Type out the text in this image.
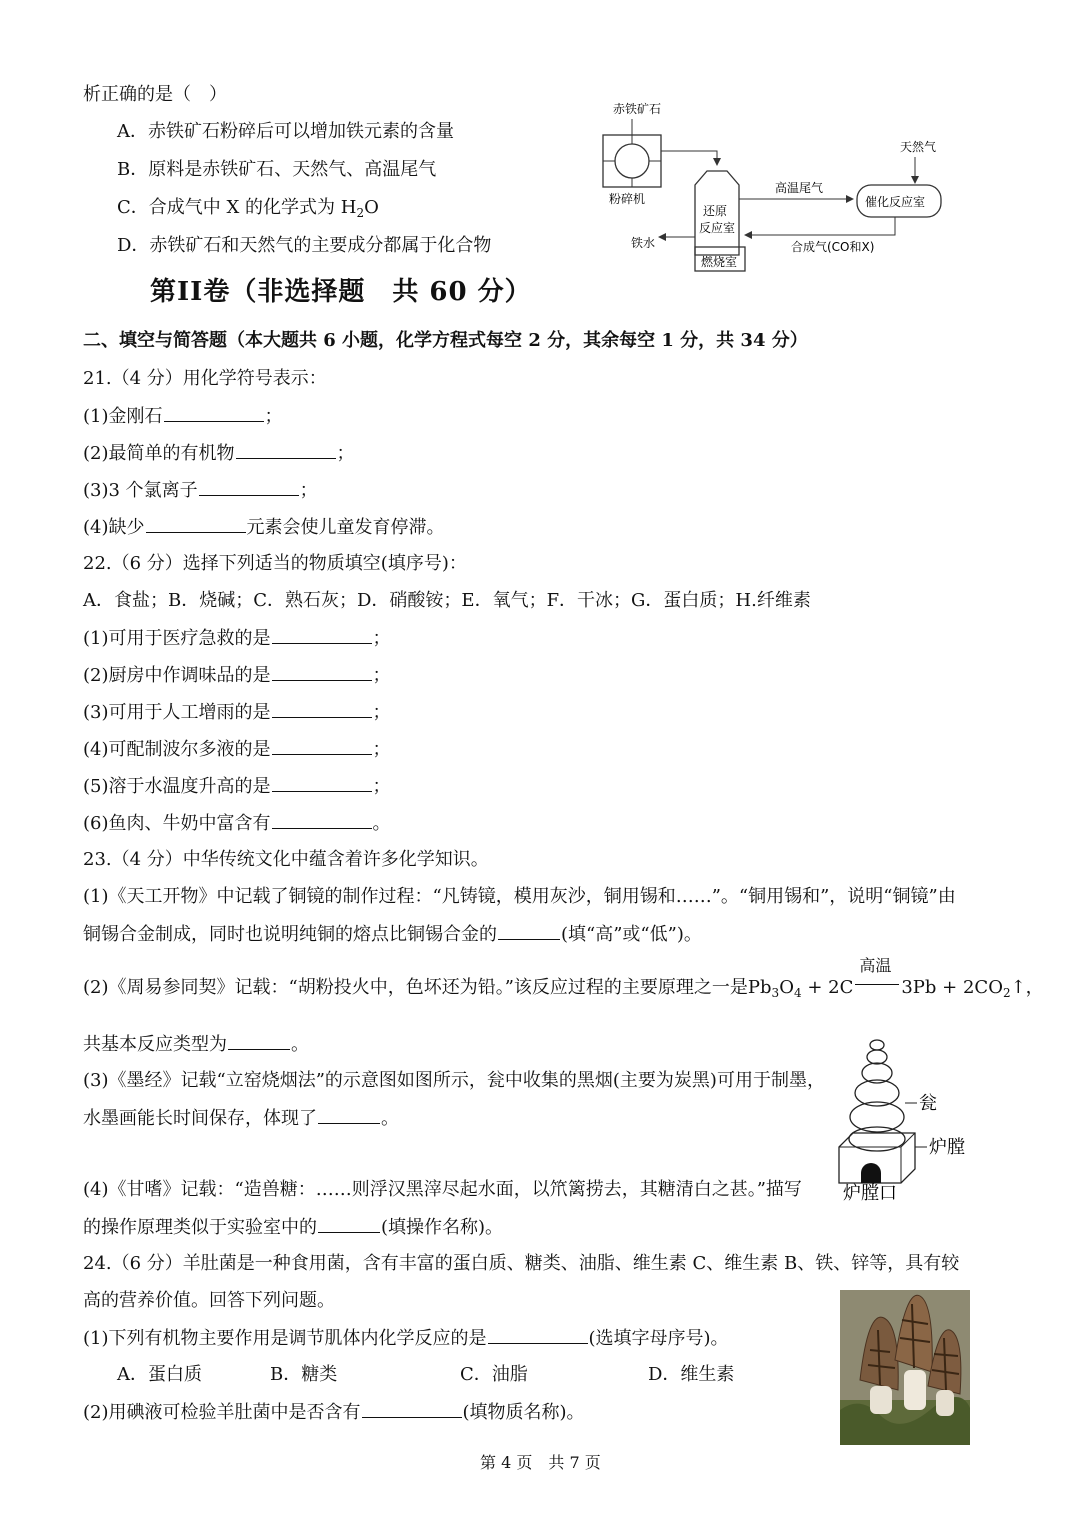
析正确的是（　）
A．赤铁矿石粉碎后可以增加铁元素的含量
B．原料是赤铁矿石、天然气、高温尾气
C．合成气中 X 的化学式为 $H_2O$
D．赤铁矿石和天然气的主要成分都属于化合物
赤铁矿石
粉碎机
还原
反应室
燃烧室
高温尾气
催化反应室
天然气
合成气(CO和X)
铁水
第II卷（非选择题　共 60 分）
二、填空与简答题（本大题共 6 小题，化学方程式每空 2 分，其余每空 1 分，共 34 分）
21.（4 分）用化学符号表示：
(1)金刚石	；
(2)最简单的有机物	；
(3)3 个氯离子	；
(4)缺少	元素会使儿童发育停滞。
22.（6 分）选择下列适当的物质填空(填序号)：
A．食盐；B．烧碱；C．熟石灰；D．硝酸铵；E．氧气；F．干冰；G．蛋白质；H.纤维素
(1)可用于医疗急救的是	；
(2)厨房中作调味品的是	；
(3)可用于人工增雨的是	；
(4)可配制波尔多液的是	；
(5)溶于水温度升高的是	；
(6)鱼肉、牛奶中富含有	。
23.（4 分）中华传统文化中蕴含着许多化学知识。
(1)《天工开物》中记载了铜镜的制作过程：“凡铸镜，模用灰沙，铜用锡和……”。“铜用锡和”，说明“铜镜”由
铜锡合金制成，同时也说明纯铜的熔点比铜锡合金的	(填“高”或“低”)。
(2)《周易参同契》记载：“胡粉投火中，色坏还为铅。”该反应过程的主要原理之一是$Pb_3O_4 + 2C$
高温
$3Pb + 2CO_2↑$，
共基本反应类型为	。
(3)《墨经》记载“立窑烧烟法”的示意图如图所示，瓮中收集的黑烟(主要为炭黑)可用于制墨，
水墨画能长时间保存，体现了	。
瓮
炉膛
炉膛口
(4)《甘嗜》记载：“造兽糖：……则浮汉黑滓尽起水面，以笊篱捞去，其糖清白之甚。”描写
的操作原理类似于实验室中的	(填操作名称)。
24.（6 分）羊肚菌是一种食用菌，含有丰富的蛋白质、糖类、油脂、维生素 C、维生素 B、铁、锌等，具有较
高的营养价值。回答下列问题。
(1)下列有机物主要作用是调节肌体内化学反应的是	(选填字母序号)。
A．蛋白质	B．糖类	C．油脂	D．维生素
(2)用碘液可检验羊肚菌中是否含有	(填物质名称)。
第 4 页　共 7 页
